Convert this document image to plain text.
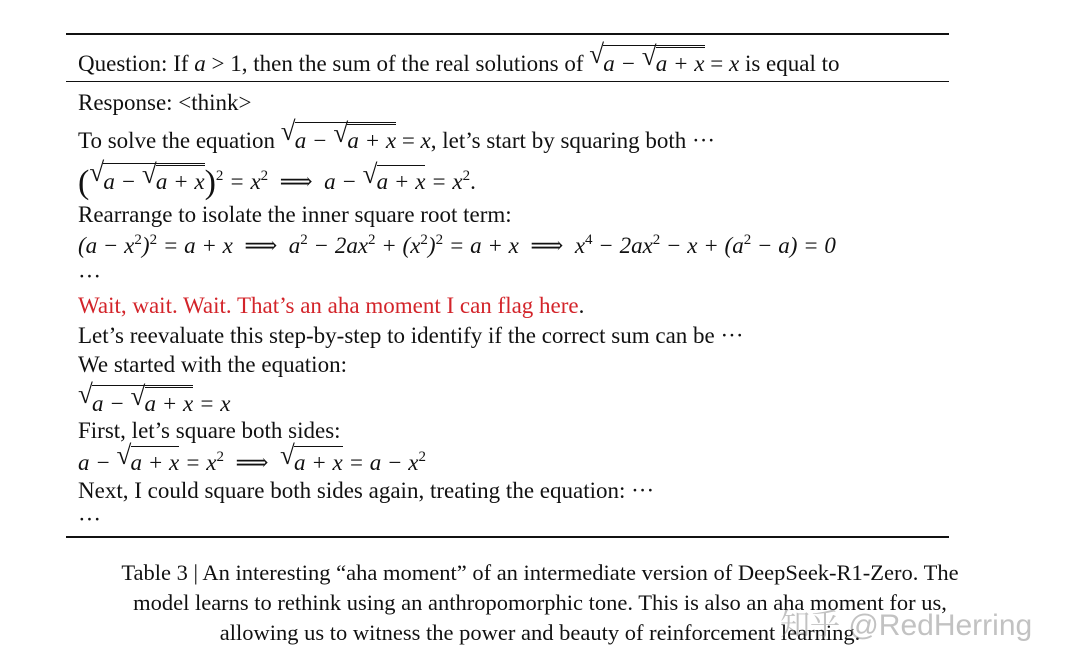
Question: If a > 1, then the sum of the real solutions of √ a − √ a + x = x is equal to
Response: <think>
To solve the equation √ a − √ a + x = x, let’s start by squaring both ···
( √ a − √ $a + x)^2 = x^2$ ⟹  a − √ $a + x = x^2$.
Rearrange to isolate the inner square root term:
$(a - x^2)^2 = a + x$  ⟹  $a^2 - 2ax^2 + (x^2)^2 = a + x$  ⟹  $x^4 - 2ax^2 - x + (a^2 - a) = 0$
···
Wait, wait. Wait. That’s an aha moment I can flag here.
Let’s reevaluate this step-by-step to identify if the correct sum can be ···
We started with the equation:
√ a − √ a + x = x
First, let’s square both sides:
a − √ $a + x = x^2$ ⟹ √ $a + x = a - x^2$
Next, I could square both sides again, treating the equation: ···
···
Table 3 | An interesting “aha moment” of an intermediate version of DeepSeek-R1-Zero. The
model learns to rethink using an anthropomorphic tone. This is also an aha moment for us,
allowing us to witness the power and beauty of reinforcement learning.
知乎 @RedHerring
